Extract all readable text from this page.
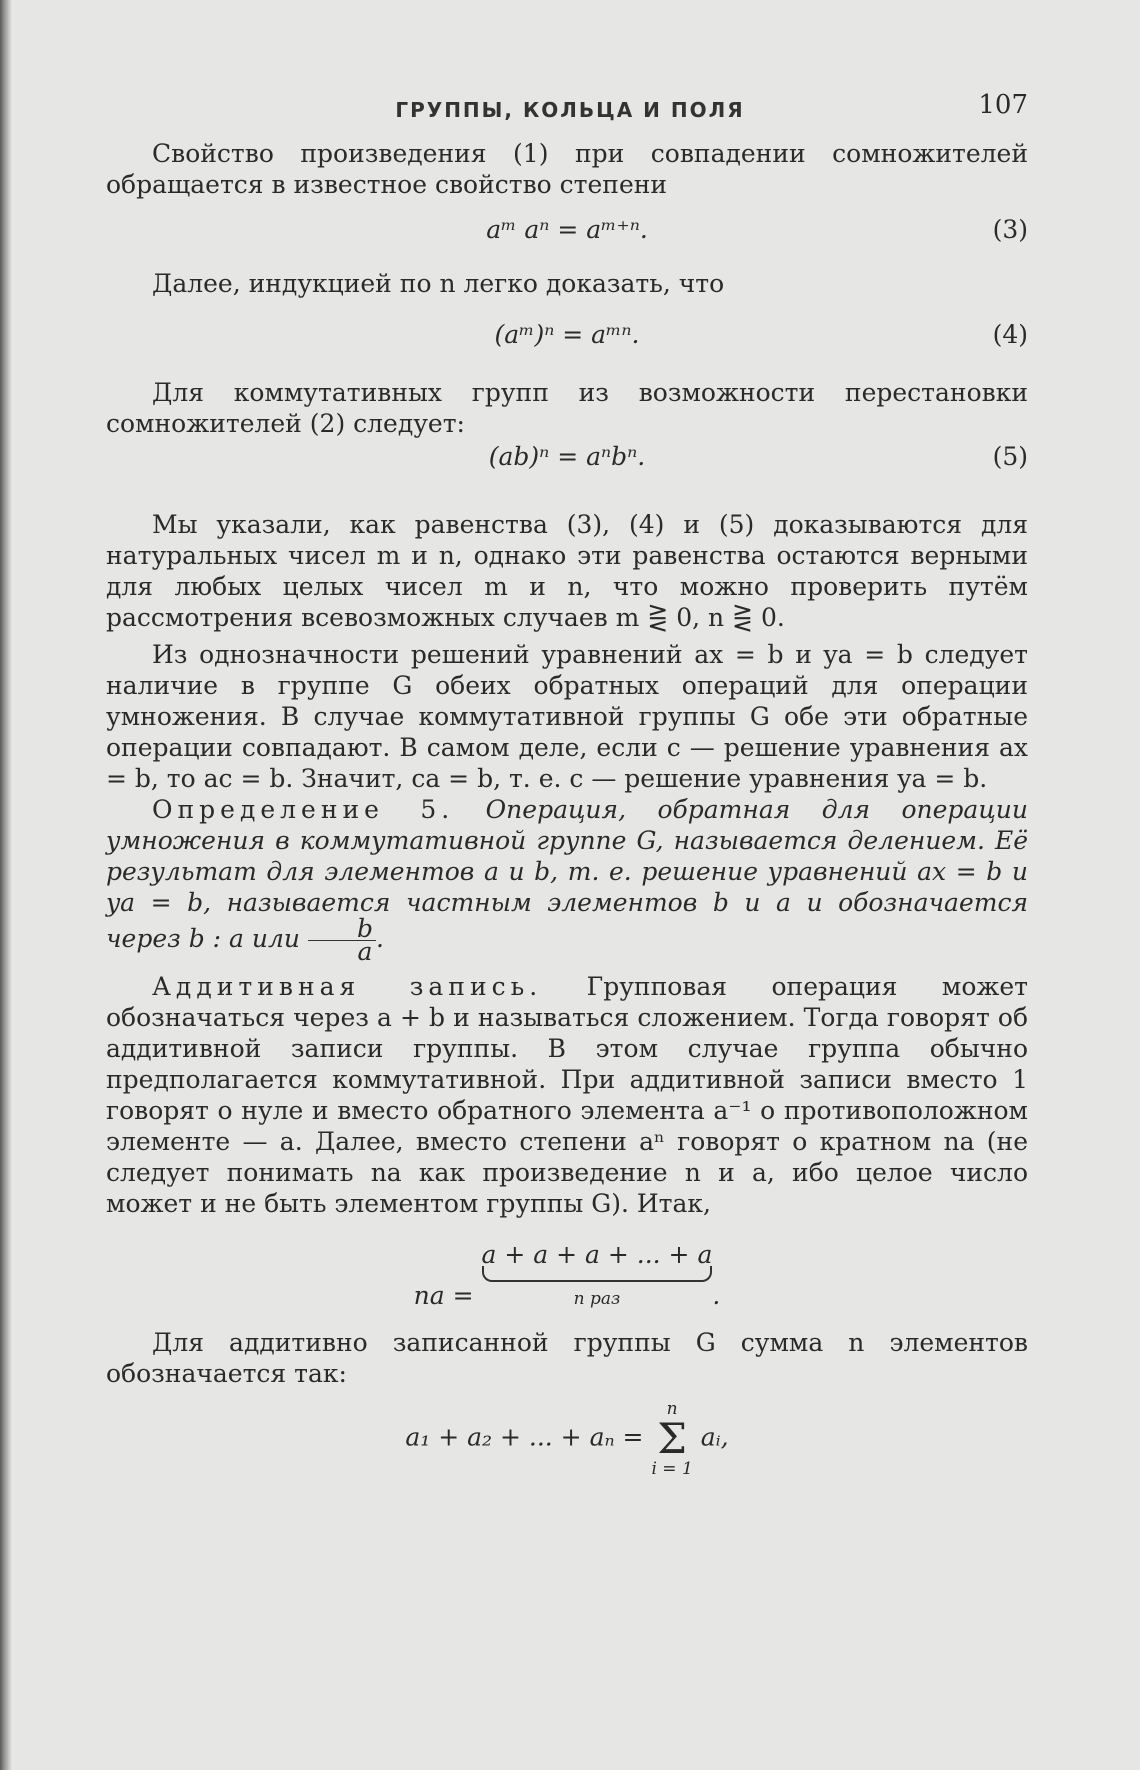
ГРУППЫ, КОЛЬЦА И ПОЛЯ	107

Свойство произведения (1) при совпадении сомножителей обращается в известное свойство степени

aᵐ aⁿ = aᵐ⁺ⁿ.	(3)

Далее, индукцией по n легко доказать, что

(aᵐ)ⁿ = aᵐⁿ.	(4)

Для коммутативных групп из возможности перестановки сомножителей (2) следует:

(ab)ⁿ = aⁿbⁿ.	(5)

Мы указали, как равенства (3), (4) и (5) доказываются для натуральных чисел m и n, однако эти равенства остаются верными для любых целых чисел m и n, что можно проверить путём рассмотрения всевозможных случаев m ⋛ 0, n ⋛ 0.

Из однозначности решений уравнений ax = b и ya = b следует наличие в группе G обеих обратных операций для операции умножения. В случае коммутативной группы G обе эти обратные операции совпадают. В самом деле, если c — решение уравнения ax = b, то ac = b. Значит, ca = b, т. е. c — решение уравнения ya = b.

Определение 5. Операция, обратная для операции умножения в коммутативной группе G, называется делением. Её результат для элементов a и b, т. е. решение уравнений ax = b и ya = b, называется частным элементов b и a и обозначается через b : a или $\frac{b}{a}$ .

Аддитивная запись. Групповая операция может обозначаться через a + b и называться сложением. Тогда говорят об аддитивной записи группы. В этом случае группа обычно предполагается коммутативной. При аддитивной записи вместо 1 говорят о нуле и вместо обратного элемента a⁻¹ о противоположном элементе — a. Далее, вместо степени aⁿ говорят о кратном na (не следует понимать na как произведение n и a, ибо целое число может и не быть элементом группы G). Итак,

na = a + a + a + ... + a
n раз	.

Для аддитивно записанной группы G сумма n элементов обозначается так:

a₁ + a₂ + ... + aₙ =
n
Σ
i = 1
aᵢ,
